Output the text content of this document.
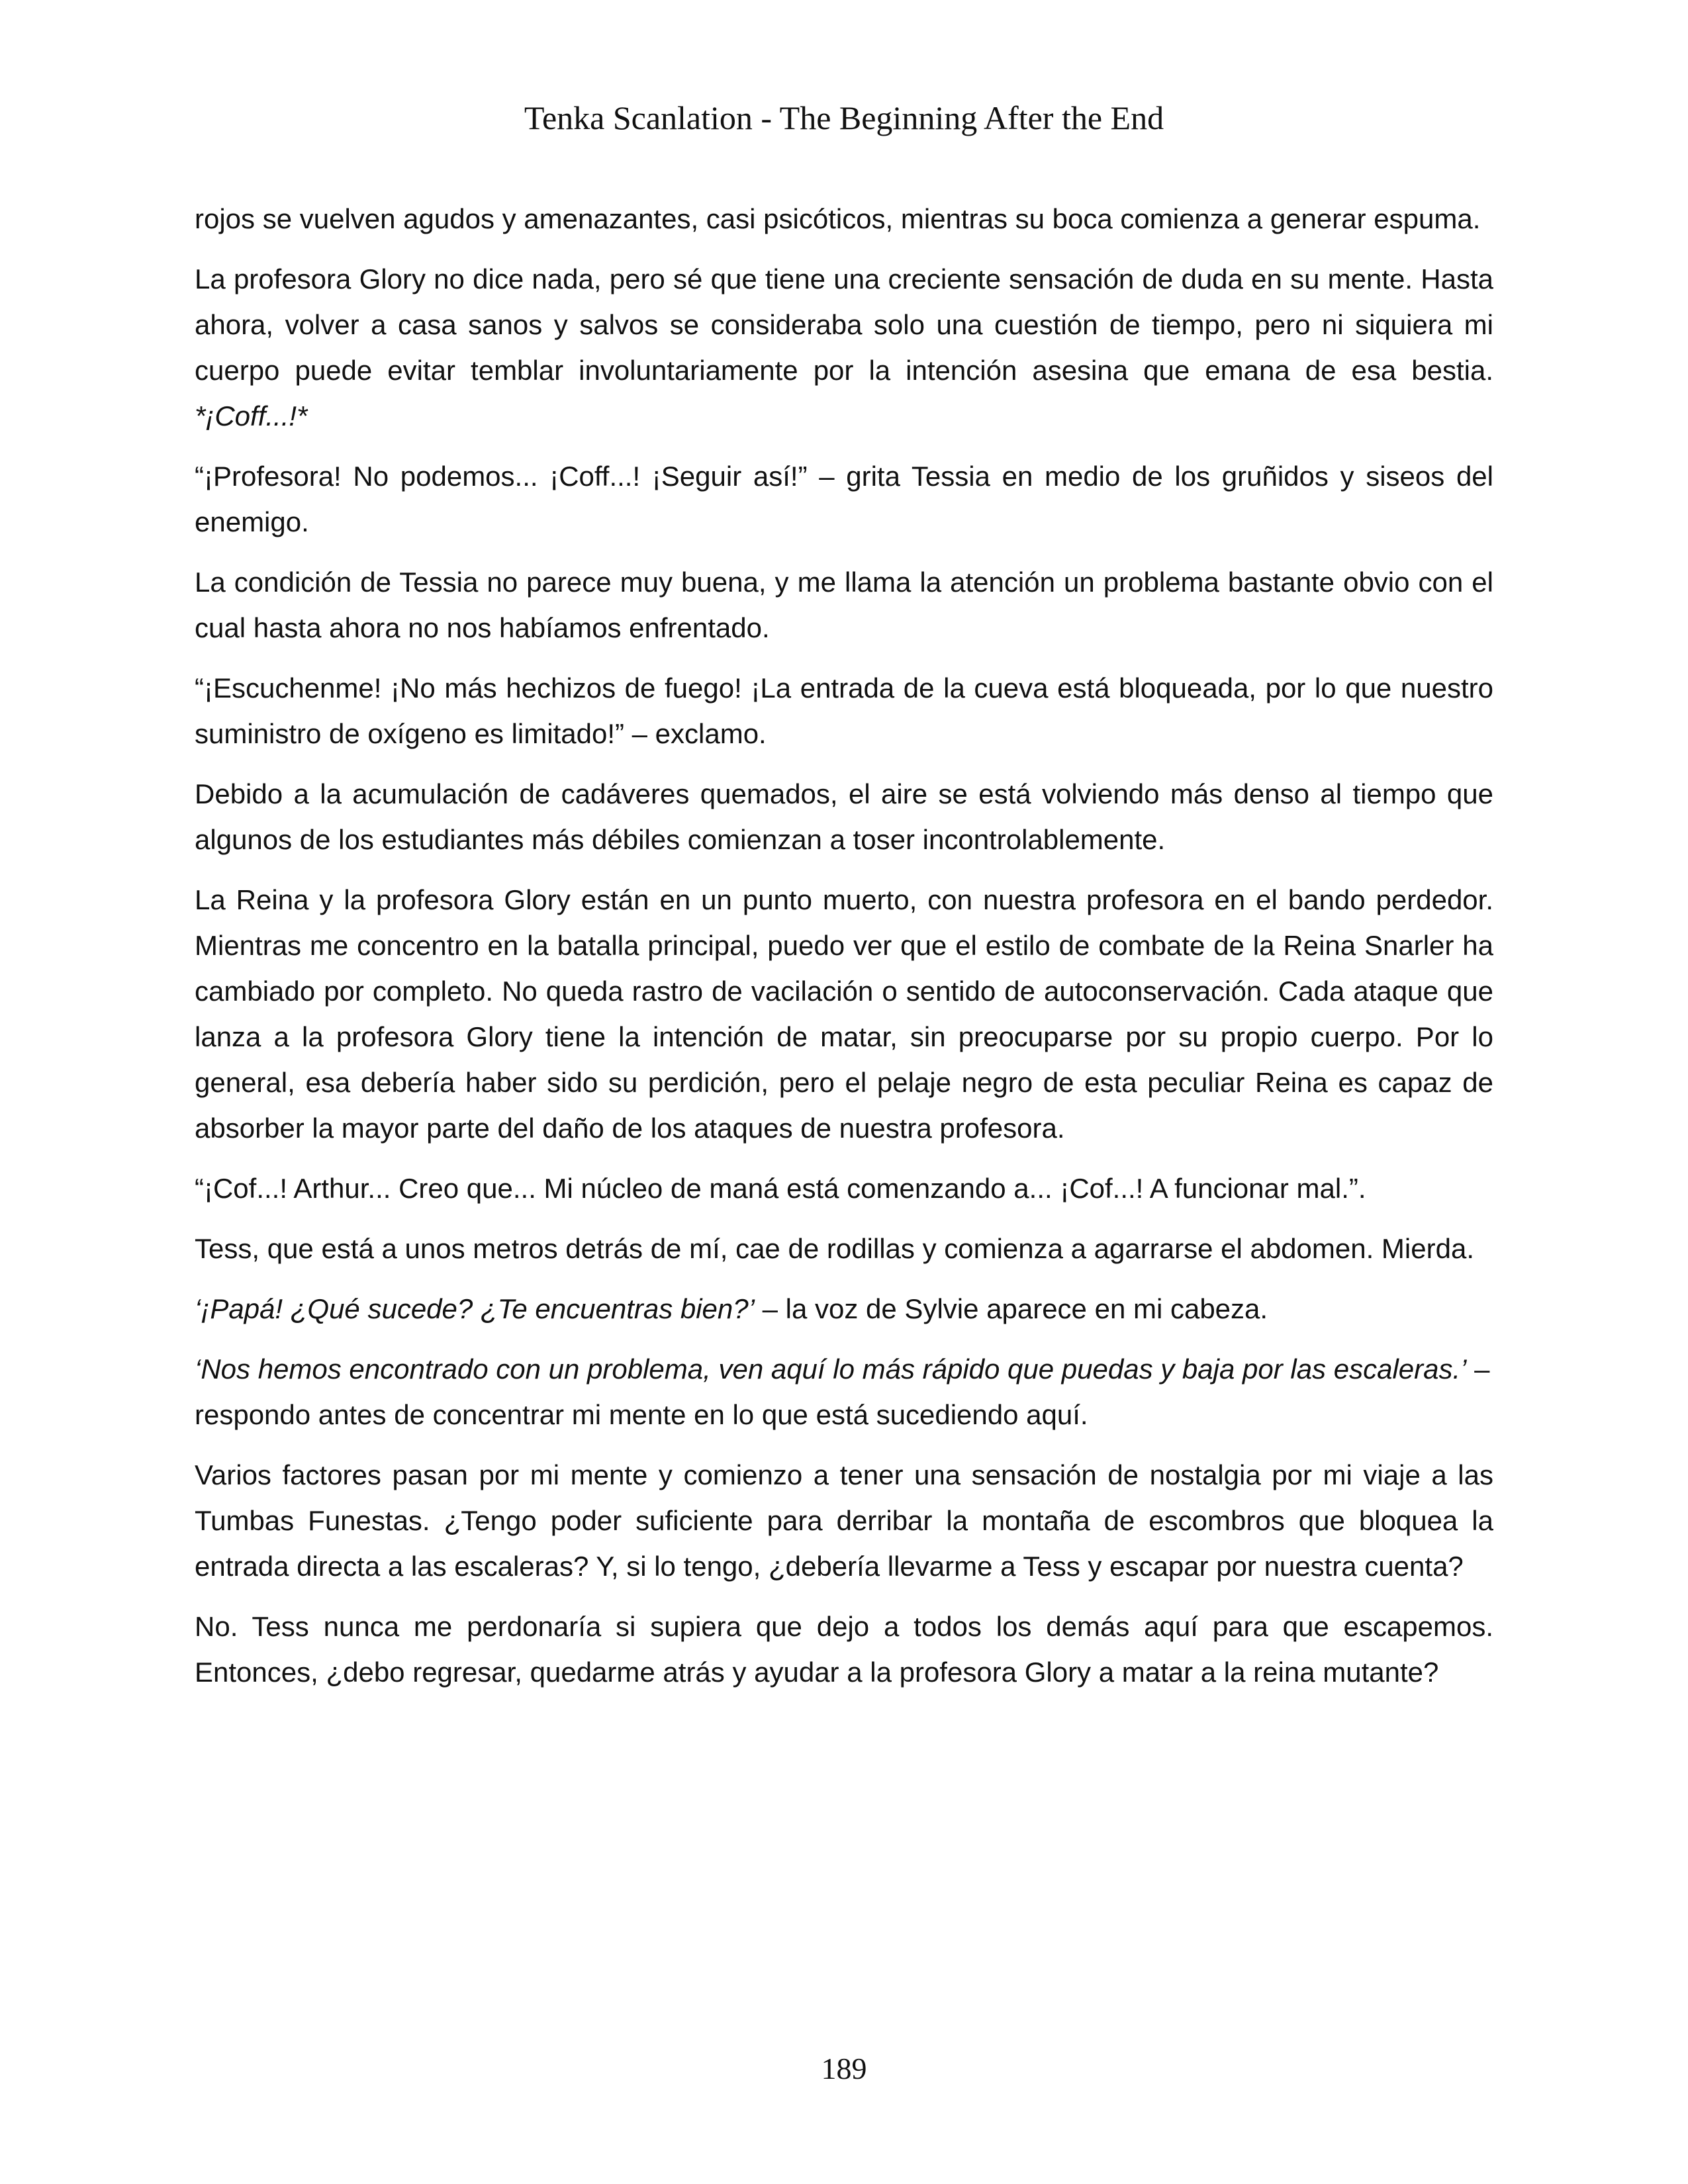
Tenka Scanlation - The Beginning After the End

rojos se vuelven agudos y amenazantes, casi psicóticos, mientras su boca comienza a generar espuma.

La profesora Glory no dice nada, pero sé que tiene una creciente sensación de duda en su mente. Hasta ahora, volver a casa sanos y salvos se consideraba solo una cuestión de tiempo, pero ni siquiera mi cuerpo puede evitar temblar involuntariamente por la intención asesina que emana de esa bestia. *¡Coff...!*

“¡Profesora! No podemos... ¡Coff...! ¡Seguir así!” – grita Tessia en medio de los gruñidos y siseos del enemigo.

La condición de Tessia no parece muy buena, y me llama la atención un problema bastante obvio con el cual hasta ahora no nos habíamos enfrentado.

“¡Escuchenme! ¡No más hechizos de fuego! ¡La entrada de la cueva está bloqueada, por lo que nuestro suministro de oxígeno es limitado!” – exclamo.

Debido a la acumulación de cadáveres quemados, el aire se está volviendo más denso al tiempo que algunos de los estudiantes más débiles comienzan a toser incontrolablemente.

La Reina y la profesora Glory están en un punto muerto, con nuestra profesora en el bando perdedor. Mientras me concentro en la batalla principal, puedo ver que el estilo de combate de la Reina Snarler ha cambiado por completo. No queda rastro de vacilación o sentido de autoconservación. Cada ataque que lanza a la profesora Glory tiene la intención de matar, sin preocuparse por su propio cuerpo. Por lo general, esa debería haber sido su perdición, pero el pelaje negro de esta peculiar Reina es capaz de absorber la mayor parte del daño de los ataques de nuestra profesora.

“¡Cof...! Arthur... Creo que... Mi núcleo de maná está comenzando a... ¡Cof...! A funcionar mal.”.

Tess, que está a unos metros detrás de mí, cae de rodillas y comienza a agarrarse el abdomen. Mierda.

‘¡Papá! ¿Qué sucede? ¿Te encuentras bien?’ – la voz de Sylvie aparece en mi cabeza.

‘Nos hemos encontrado con un problema, ven aquí lo más rápido que puedas y baja por las escaleras.’ – respondo antes de concentrar mi mente en lo que está sucediendo aquí.

Varios factores pasan por mi mente y comienzo a tener una sensación de nostalgia por mi viaje a las Tumbas Funestas. ¿Tengo poder suficiente para derribar la montaña de escombros que bloquea la entrada directa a las escaleras? Y, si lo tengo, ¿debería llevarme a Tess y escapar por nuestra cuenta?

No. Tess nunca me perdonaría si supiera que dejo a todos los demás aquí para que escapemos. Entonces, ¿debo regresar, quedarme atrás y ayudar a la profesora Glory a matar a la reina mutante?

189
